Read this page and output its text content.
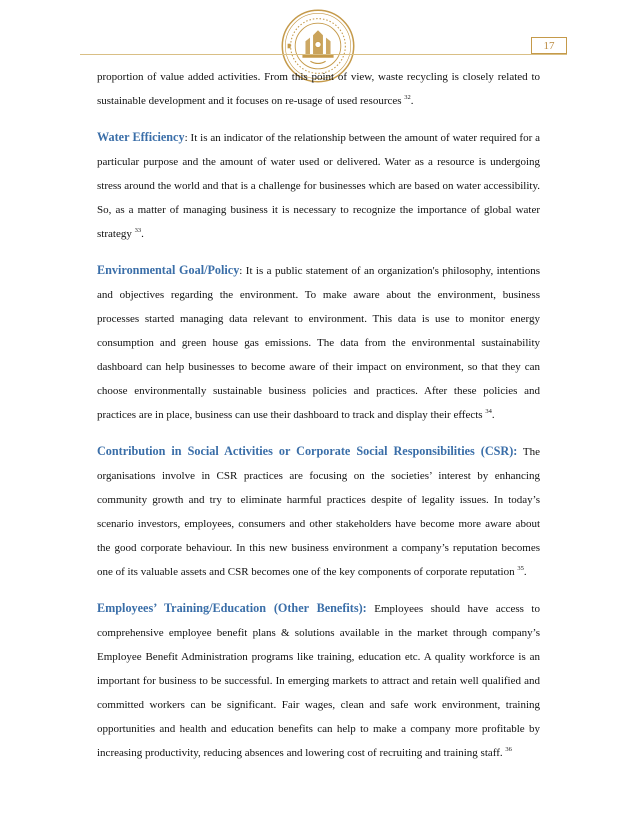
17

proportion of value added activities. From this point of view, waste recycling is closely related to sustainable development and it focuses on re-usage of used resources $^{32}$.

Water Efficiency: It is an indicator of the relationship between the amount of water required for a particular purpose and the amount of water used or delivered. Water as a resource is undergoing stress around the world and that is a challenge for businesses which are based on water accessibility. So, as a matter of managing business it is necessary to recognize the importance of global water strategy $^{33}$.

Environmental Goal/Policy: It is a public statement of an organization's philosophy, intentions and objectives regarding the environment. To make aware about the environment, business processes started managing data relevant to environment. This data is use to monitor energy consumption and green house gas emissions. The data from the environmental sustainability dashboard can help businesses to become aware of their impact on environment, so that they can choose environmentally sustainable business policies and practices. After these policies and practices are in place, business can use their dashboard to track and display their effects $^{34}$.

Contribution in Social Activities or Corporate Social Responsibilities (CSR): The organisations involve in CSR practices are focusing on the societies’ interest by enhancing community growth and try to eliminate harmful practices despite of legality issues. In today’s scenario investors, employees, consumers and other stakeholders have become more aware about the good corporate behaviour. In this new business environment a company’s reputation becomes one of its valuable assets and CSR becomes one of the key components of corporate reputation $^{35}$.

Employees’ Training/Education (Other Benefits): Employees should have access to comprehensive employee benefit plans & solutions available in the market through company’s Employee Benefit Administration programs like training, education etc. A quality workforce is an important for business to be successful. In emerging markets to attract and retain well qualified and committed workers can be significant. Fair wages, clean and safe work environment, training opportunities and health and education benefits can help to make a company more profitable by increasing productivity, reducing absences and lowering cost of recruiting and training staff. $^{36}$
